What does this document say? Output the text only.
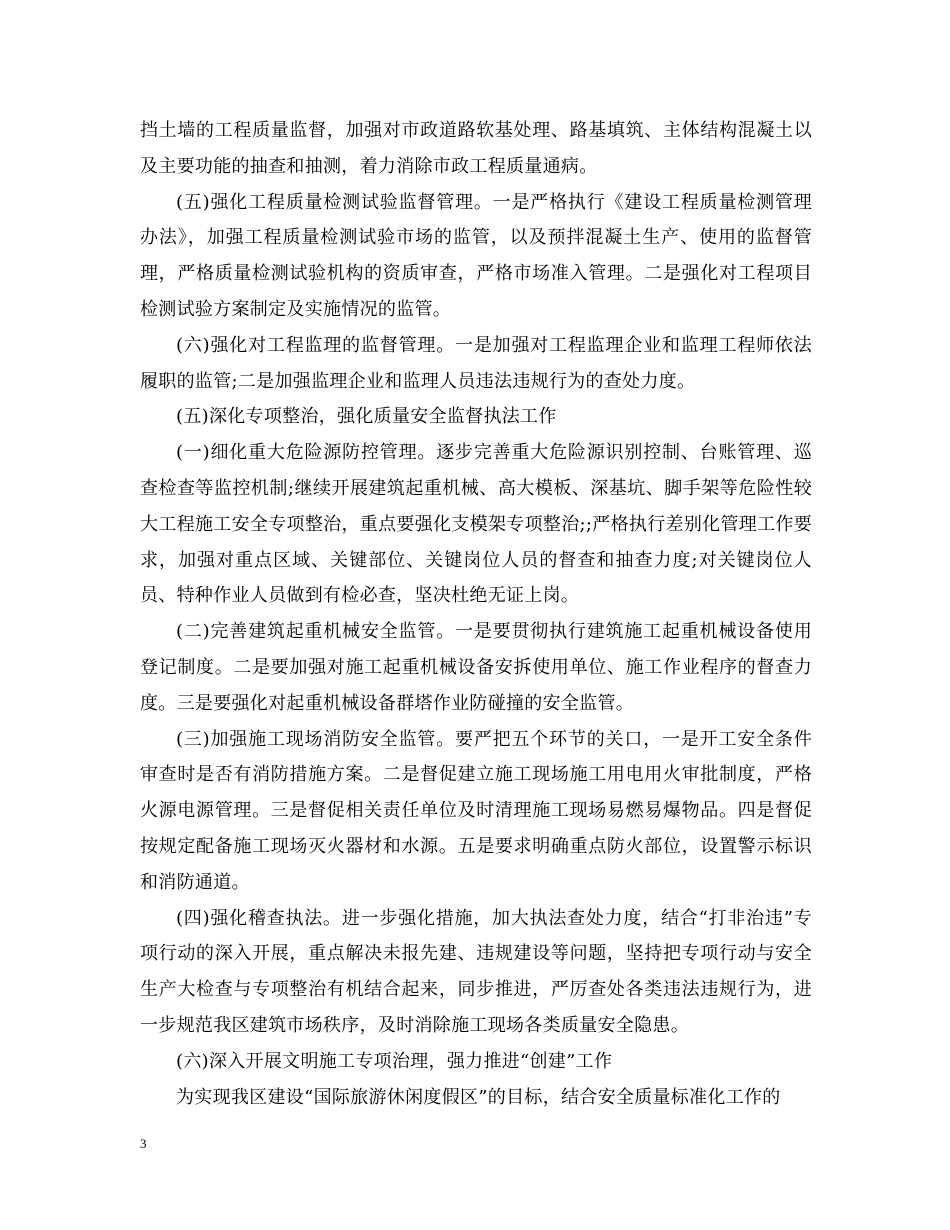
挡土墙的工程质量监督，加强对市政道路软基处理、路基填筑、主体结构混凝土以及主要功能的抽查和抽测，着力消除市政工程质量通病。

(五)强化工程质量检测试验监督管理。一是严格执行《建设工程质量检测管理办法》，加强工程质量检测试验市场的监管，以及预拌混凝土生产、使用的监督管理，严格质量检测试验机构的资质审查，严格市场准入管理。二是强化对工程项目检测试验方案制定及实施情况的监管。

(六)强化对工程监理的监督管理。一是加强对工程监理企业和监理工程师依法履职的监管;二是加强监理企业和监理人员违法违规行为的查处力度。

(五)深化专项整治，强化质量安全监督执法工作

(一)细化重大危险源防控管理。逐步完善重大危险源识别控制、台账管理、巡查检查等监控机制;继续开展建筑起重机械、高大模板、深基坑、脚手架等危险性较大工程施工安全专项整治，重点要强化支模架专项整治;;严格执行差别化管理工作要求，加强对重点区域、关键部位、关键岗位人员的督查和抽查力度;对关键岗位人员、特种作业人员做到有检必查，坚决杜绝无证上岗。

(二)完善建筑起重机械安全监管。一是要贯彻执行建筑施工起重机械设备使用登记制度。二是要加强对施工起重机械设备安拆使用单位、施工作业程序的督查力度。三是要强化对起重机械设备群塔作业防碰撞的安全监管。

(三)加强施工现场消防安全监管。要严把五个环节的关口，一是开工安全条件审查时是否有消防措施方案。二是督促建立施工现场施工用电用火审批制度，严格火源电源管理。三是督促相关责任单位及时清理施工现场易燃易爆物品。四是督促按规定配备施工现场灭火器材和水源。五是要求明确重点防火部位，设置警示标识和消防通道。

(四)强化稽查执法。进一步强化措施，加大执法查处力度，结合“打非治违”专项行动的深入开展，重点解决未报先建、违规建设等问题，坚持把专项行动与安全生产大检查与专项整治有机结合起来，同步推进，严厉查处各类违法违规行为，进一步规范我区建筑市场秩序，及时消除施工现场各类质量安全隐患。

(六)深入开展文明施工专项治理，强力推进“创建”工作

为实现我区建设“国际旅游休闲度假区”的目标，结合安全质量标准化工作的

3
